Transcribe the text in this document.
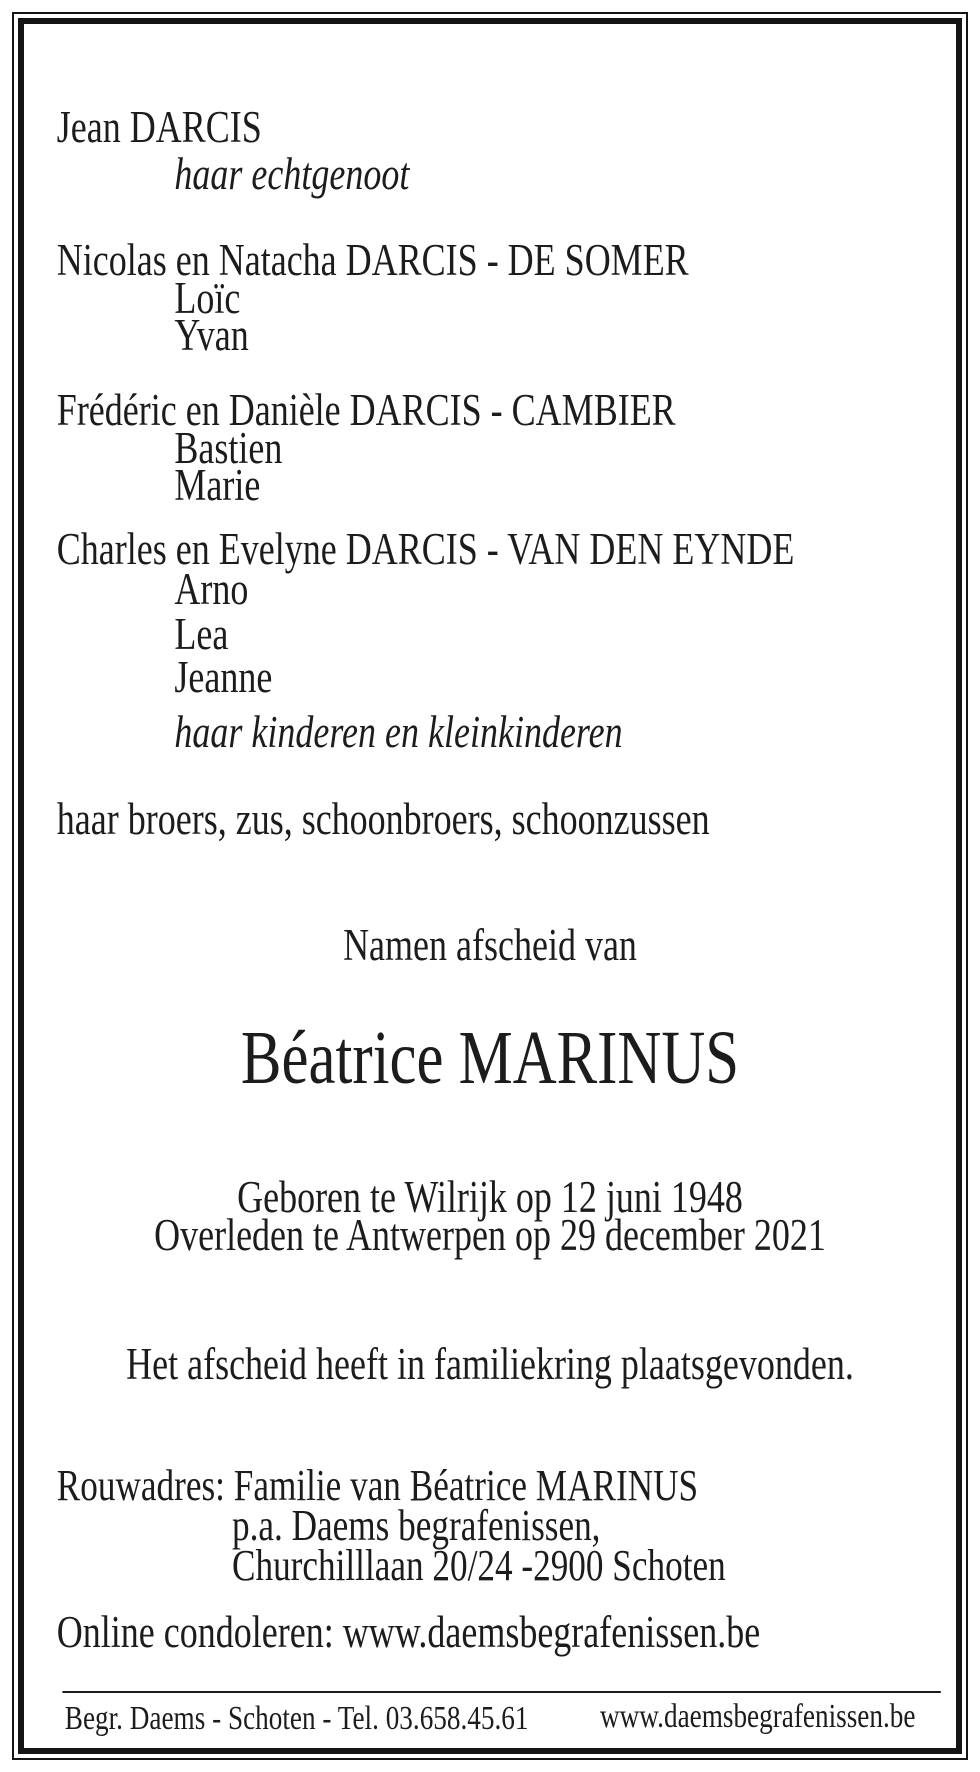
Jean DARCIS
haar echtgenoot
Nicolas en Natacha DARCIS - DE SOMER
Loïc
Yvan
Frédéric en Danièle DARCIS - CAMBIER
Bastien
Marie
Charles en Evelyne DARCIS - VAN DEN EYNDE
Arno
Lea
Jeanne
haar kinderen en kleinkinderen
haar broers, zus, schoonbroers, schoonzussen
Namen afscheid van
Béatrice MARINUS
Geboren te Wilrijk op 12 juni 1948
Overleden te Antwerpen op 29 december 2021
Het afscheid heeft in familiekring plaatsgevonden.
Rouwadres: Familie van Béatrice MARINUS
p.a. Daems begrafenissen,
Churchilllaan 20/24 -2900 Schoten
Online condoleren: www.daemsbegrafenissen.be
Begr. Daems - Schoten - Tel. 03.658.45.61 www.daemsbegrafenissen.be
